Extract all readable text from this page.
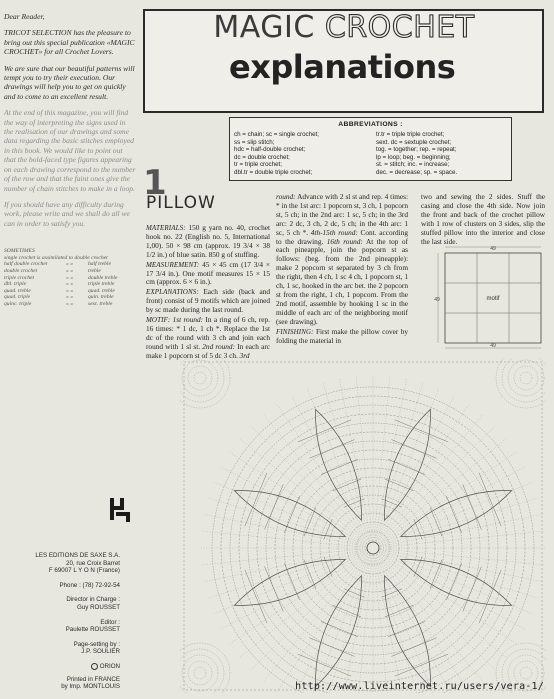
Dear Reader,

TRICOT SELECTION has the pleasure to bring out this special publication «MAGIC CROCHET» for all Crochet Lovers.

We are sure that our beautiful patterns will tempt you to try their execution. Our drawings will help you to get on quickly and to come to an excellent result.

At the end of this magazine, you will find the way of interpreting the signs used in the realisation of our drawings and some data regarding the basic stitches employed in this book. We would like to point out that the bold-faced type figures appearing on each drawing correspond to the number of the row and that the faint ones give the number of chain stitches to make in a loop.

If you should have any difficulty during work, please write and we shall do all we can in order to satisfy you.

SOMETIMES
single crochet is assimilated to double crochet
half double crochet	» »	half treble
double crochet	» »	treble
triple crochet	» »	double treble
dbl. triple	» »	triple treble
quad. treble	» »	quad. treble
quad. triple	» »	quin. treble
quinc. triple	» »	sext. treble
LES EDITIONS DE SAXE S.A.
20, rue Croix Barret
F 69007 L Y O N (France)
Phone : (78) 72-92-54
Director in Charge :
Guy ROUSSET
Editor :
Paulette ROUSSET
Page-setting by :
J.P. SOULIER
ORION
Printed in FRANCE
by Imp. MONTLOUIS
MAGIC CROCHET
explanations
ABBREVIATIONS :
ch = chain; sc = single crochet;
ss = slip stitch;
hdc = half-double crochet;
dc = double crochet;
tr = triple crochet;
dbl.tr = double triple crochet;
tr.tr = triple triple crochet;
sext. dc = sextuple crochet;
tog. = together; rep. = repeat;
lp = loop; beg. = beginning;
st. = stitch; inc. = increase;
dec. = decrease; sp. = space.
1
PILLOW

MATERIALS: 150 g yarn no. 40, crochet hook no. 22 (English no. 5, International 1,00). 50 × 98 cm (approx. 19 3/4 × 38 1/2 in.) of blue satin. 850 g of stuffing.

MEASUREMENT: 45 × 45 cm (17 3/4 × 17 3/4 in.). One motif measures 15 × 15 cm (approx. 6 × 6 in.).

EXPLANATIONS: Each side (back and front) consist of 9 motifs which are joined by sc made during the last round.

MOTIF: 1st round: In a ring of 6 ch, rep. 16 times: * 1 dc, 1 ch *. Replace the 1st dc of the round with 3 ch and join each round with 1 sl st. 2nd round: In each arc make 1 popcorn st of 5 dc 3 ch. 3rd

round: Advance with 2 sl st and rep. 4 times: * in the 1st arc: 1 popcorn st, 3 ch, 1 popcorn st, 5 ch; in the 2nd arc: 1 sc, 5 ch; in the 3rd arc: 2 dc, 3 ch, 2 dc, 5 ch; in the 4th arc: 1 sc, 5 ch *. 4th-15th round: Cont. according to the drawing. 16th round: At the top of each pineapple, join the popcorn st as follows: (beg. from the 2nd pineapple): make 2 popcorn st separated by 3 ch from the right, then 4 ch, 1 sc 4 ch, 1 popcorn st, 1 ch, 1 sc, hooked in the arc bet. the 2 popcorn st from the right, 1 ch, 1 popcorn. From the 2nd motif, assemble by hooking 1 sc in the middle of each arc of the neighboring motif (see drawing).

FINISHING: First make the pillow cover by folding the material in

two and sewing the 2 sides. Stuff the casing and close the 4th side. Now join the front and back of the crochet pillow with 1 row of clusters on 3 sides, slip the stuffed pillow into the interior and close the last side.

49
49
49
motif
http://www.liveinternet.ru/users/vera-1/
